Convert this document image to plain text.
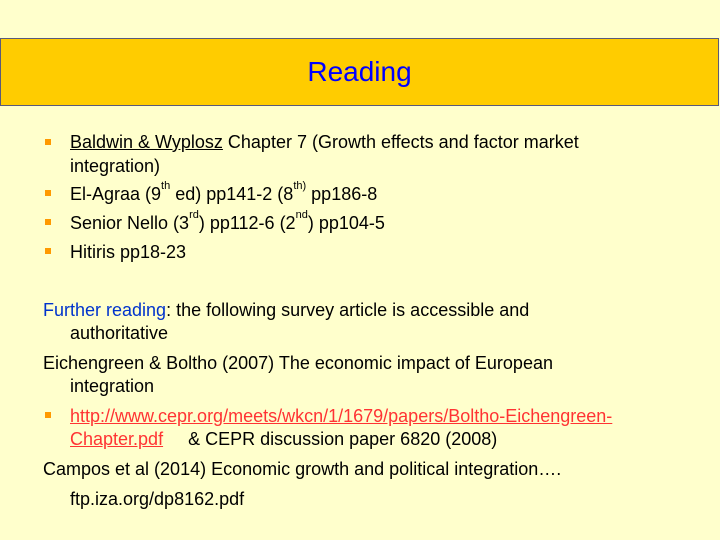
Reading
Baldwin & Wyplosz Chapter 7 (Growth effects and factor market
integration)
El-Agraa (9th ed) pp141-2 ($8^{th)}$ pp186-8
Senior Nello (3rd) pp112-6 (2nd) pp104-5
Hitiris pp18-23
Further reading: the following survey article is accessible and
authoritative
Eichengreen & Boltho (2007) The economic impact of European
integration
http://www.cepr.org/meets/wkcn/1/1679/papers/Boltho-Eichengreen-
Chapter.pdf     & CEPR discussion paper 6820 (2008)
Campos et al (2014) Economic growth and political integration….
ftp.iza.org/dp8162.pdf
